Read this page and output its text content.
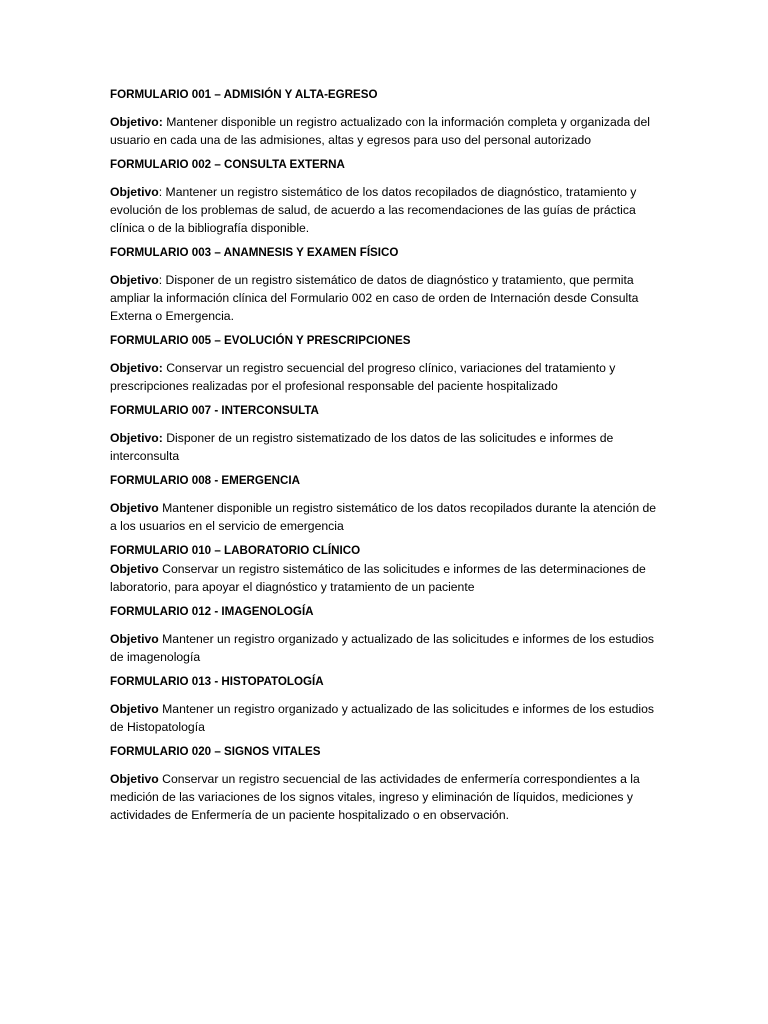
FORMULARIO 001 – ADMISIÓN Y ALTA-EGRESO

Objetivo: Mantener disponible un registro actualizado con la información completa y organizada del usuario en cada una de las admisiones, altas y egresos para uso del personal autorizado

FORMULARIO 002 – CONSULTA EXTERNA

Objetivo: Mantener un registro sistemático de los datos recopilados de diagnóstico, tratamiento y evolución de los problemas de salud, de acuerdo a las recomendaciones de las guías de práctica clínica o de la bibliografía disponible.

FORMULARIO 003 – ANAMNESIS Y EXAMEN FÍSICO

Objetivo: Disponer de un registro sistemático de datos de diagnóstico y tratamiento, que permita ampliar la información clínica del Formulario 002 en caso de orden de Internación desde Consulta Externa o Emergencia.

FORMULARIO 005 – EVOLUCIÓN Y PRESCRIPCIONES

Objetivo: Conservar un registro secuencial del progreso clínico, variaciones del tratamiento y prescripciones realizadas por el profesional responsable del paciente hospitalizado

FORMULARIO 007 - INTERCONSULTA

Objetivo: Disponer de un registro sistematizado de los datos de las solicitudes e informes de interconsulta

FORMULARIO 008 - EMERGENCIA

Objetivo Mantener disponible un registro sistemático de los datos recopilados durante la atención de a los usuarios en el servicio de emergencia

FORMULARIO 010 – LABORATORIO CLÍNICO

Objetivo Conservar un registro sistemático de las solicitudes e informes de las determinaciones de laboratorio, para apoyar el diagnóstico y tratamiento de un paciente

FORMULARIO 012 - IMAGENOLOGÍA

Objetivo Mantener un registro organizado y actualizado de las solicitudes e informes de los estudios de imagenología

FORMULARIO 013 - HISTOPATOLOGÍA

Objetivo Mantener un registro organizado y actualizado de las solicitudes e informes de los estudios de Histopatología

FORMULARIO 020 – SIGNOS VITALES

Objetivo Conservar un registro secuencial de las actividades de enfermería correspondientes a la medición de las variaciones de los signos vitales, ingreso y eliminación de líquidos, mediciones y actividades de Enfermería de un paciente hospitalizado o en observación.
